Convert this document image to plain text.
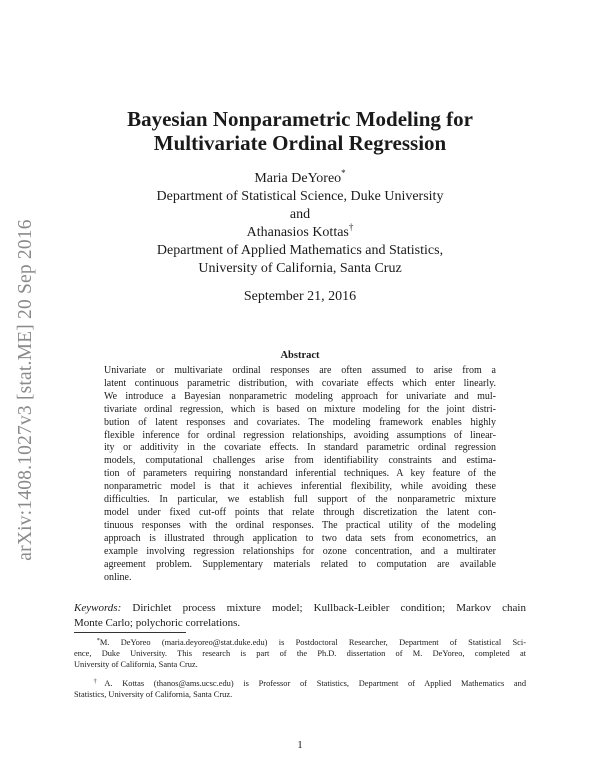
arXiv:1408.1027v3 [stat.ME] 20 Sep 2016
Bayesian Nonparametric Modeling for
Multivariate Ordinal Regression
Maria DeYoreo*
Department of Statistical Science, Duke University
and
Athanasios Kottas†
Department of Applied Mathematics and Statistics,
University of California, Santa Cruz
September 21, 2016
Abstract
Univariate or multivariate ordinal responses are often assumed to arise from a
latent continuous parametric distribution, with covariate effects which enter linearly.
We introduce a Bayesian nonparametric modeling approach for univariate and mul-
tivariate ordinal regression, which is based on mixture modeling for the joint distri-
bution of latent responses and covariates. The modeling framework enables highly
flexible inference for ordinal regression relationships, avoiding assumptions of linear-
ity or additivity in the covariate effects. In standard parametric ordinal regression
models, computational challenges arise from identifiability constraints and estima-
tion of parameters requiring nonstandard inferential techniques. A key feature of the
nonparametric model is that it achieves inferential flexibility, while avoiding these
difficulties. In particular, we establish full support of the nonparametric mixture
model under fixed cut-off points that relate through discretization the latent con-
tinuous responses with the ordinal responses. The practical utility of the modeling
approach is illustrated through application to two data sets from econometrics, an
example involving regression relationships for ozone concentration, and a multirater
agreement problem. Supplementary materials related to computation are available
online.
Keywords: Dirichlet process mixture model; Kullback-Leibler condition; Markov chain
Monte Carlo; polychoric correlations.
*M. DeYoreo (maria.deyoreo@stat.duke.edu) is Postdoctoral Researcher, Department of Statistical Sci-
ence, Duke University. This research is part of the Ph.D. dissertation of M. DeYoreo, completed at
University of California, Santa Cruz.
†A. Kottas (thanos@ams.ucsc.edu) is Professor of Statistics, Department of Applied Mathematics and
Statistics, University of California, Santa Cruz.
1
